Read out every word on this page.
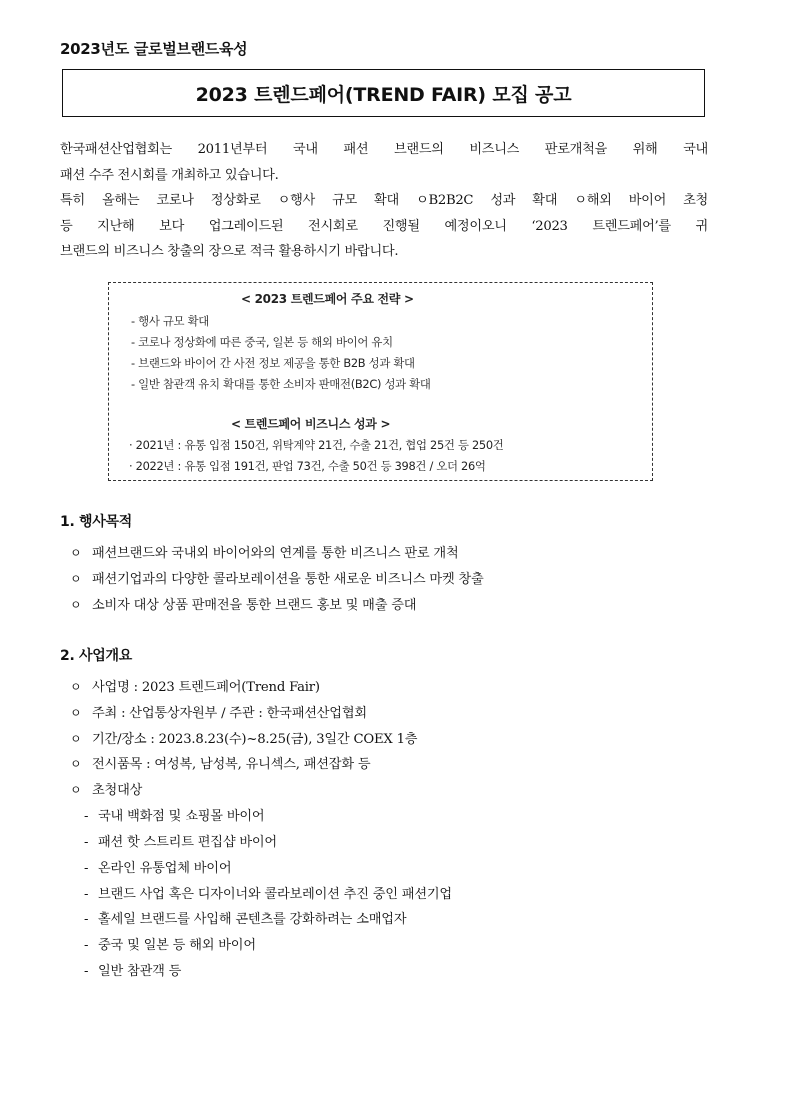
2023년도 글로벌브랜드육성
2023 트렌드페어(TREND FAIR) 모집 공고

한국패션산업협회는 2011년부터 국내 패션 브랜드의 비즈니스 판로개척을 위해 국내

패션 수주 전시회를 개최하고 있습니다.

특히 올해는 코로나 정상화로 ㅇ행사 규모 확대 ㅇB2B2C 성과 확대 ㅇ해외 바이어 초청

등 지난해 보다 업그레이드된 전시회로 진행될 예정이오니 ‘2023 트렌드페어’를 귀

브랜드의 비즈니스 창출의 장으로 적극 활용하시기 바랍니다.

< 2023 트렌드페어 주요 전략 >
- 행사 규모 확대
- 코로나 정상화에 따른 중국, 일본 등 해외 바이어 유치
- 브랜드와 바이어 간 사전 정보 제공을 통한 B2B 성과 확대
- 일반 참관객 유치 확대를 통한 소비자 판매전(B2C) 성과 확대
< 트렌드페어 비즈니스 성과 >
· 2021년 : 유통 입점 150건, 위탁계약 21건, 수출 21건, 협업 25건 등 250건
· 2022년 : 유통 입점 191건, 판업 73건, 수출 50건 등 398건 / 오더 26억
1. 행사목적
ㅇ 패션브랜드와 국내외 바이어와의 연계를 통한 비즈니스 판로 개척
ㅇ 패션기업과의 다양한 콜라보레이션을 통한 새로운 비즈니스 마켓 창출
ㅇ 소비자 대상 상품 판매전을 통한 브랜드 홍보 및 매출 증대
2. 사업개요
ㅇ 사업명 : 2023 트렌드페어(Trend Fair)
ㅇ 주최 : 산업통상자원부 / 주관 : 한국패션산업협회
ㅇ 기간/장소 : 2023.8.23(수)~8.25(금), 3일간 COEX 1층
ㅇ 전시품목 : 여성복, 남성복, 유니섹스, 패션잡화 등
ㅇ 초청대상
- 국내 백화점 및 쇼핑몰 바이어
- 패션 핫 스트리트 편집샵 바이어
- 온라인 유통업체 바이어
- 브랜드 사업 혹은 디자이너와 콜라보레이션 추진 중인 패션기업
- 홀세일 브랜드를 사입해 콘텐츠를 강화하려는 소매업자
- 중국 및 일본 등 해외 바이어
- 일반 참관객 등
